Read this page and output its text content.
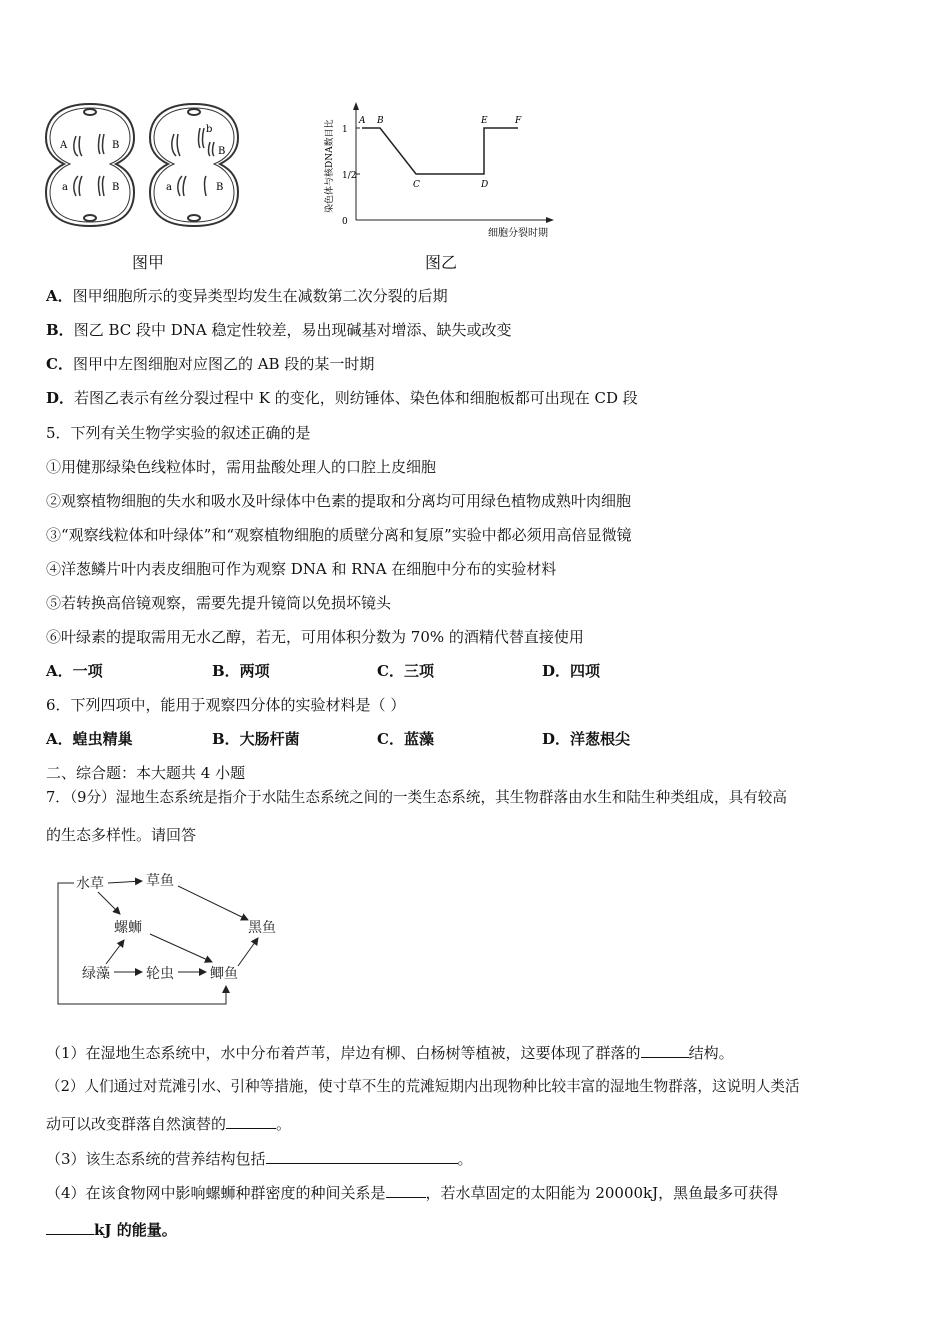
A	B
a	B
b
B
a	B
图甲
染色体与核DNA数目比
细胞分裂时期
1
1/2
0
A B
C	D
E	F
图乙
A．图甲细胞所示的变异类型均发生在减数第二次分裂的后期
B．图乙 BC 段中 DNA 稳定性较差，易出现碱基对增添、缺失或改变
C．图甲中左图细胞对应图乙的 AB 段的某一时期
D．若图乙表示有丝分裂过程中 K 的变化，则纺锤体、染色体和细胞板都可出现在 CD 段
5．下列有关生物学实验的叙述正确的是
①用健那绿染色线粒体时，需用盐酸处理人的口腔上皮细胞
②观察植物细胞的失水和吸水及叶绿体中色素的提取和分离均可用绿色植物成熟叶肉细胞
③“观察线粒体和叶绿体”和“观察植物细胞的质壁分离和复原”实验中都必须用高倍显微镜
④洋葱鳞片叶内表皮细胞可作为观察 DNA 和 RNA 在细胞中分布的实验材料
⑤若转换高倍镜观察，需要先提升镜筒以免损坏镜头
⑥叶绿素的提取需用无水乙醇，若无，可用体积分数为 70% 的酒精代替直接使用
A．一项	B．两项	C．三项	D．四项
6．下列四项中，能用于观察四分体的实验材料是（ ）
A．蝗虫精巢	B．大肠杆菌	C．蓝藻	D．洋葱根尖
二、综合题：本大题共 4 小题
7．（9分）湿地生态系统是指介于水陆生态系统之间的一类生态系统，其生物群落由水生和陆生种类组成，具有较高
的生态多样性。请回答
水草	草鱼
螺蛳	黑鱼
绿藻	轮虫	鲫鱼
（1）在湿地生态系统中，水中分布着芦苇，岸边有柳、白杨树等植被，这要体现了群落的	结构。
（2）人们通过对荒滩引水、引种等措施，使寸草不生的荒滩短期内出现物种比较丰富的湿地生物群落，这说明人类活
动可以改变群落自然演替的	。
（3）该生态系统的营养结构包括	。
（4）在该食物网中影响螺蛳种群密度的种间关系是	，若水草固定的太阳能为 20000kJ，黑鱼最多可获得
kJ 的能量。
